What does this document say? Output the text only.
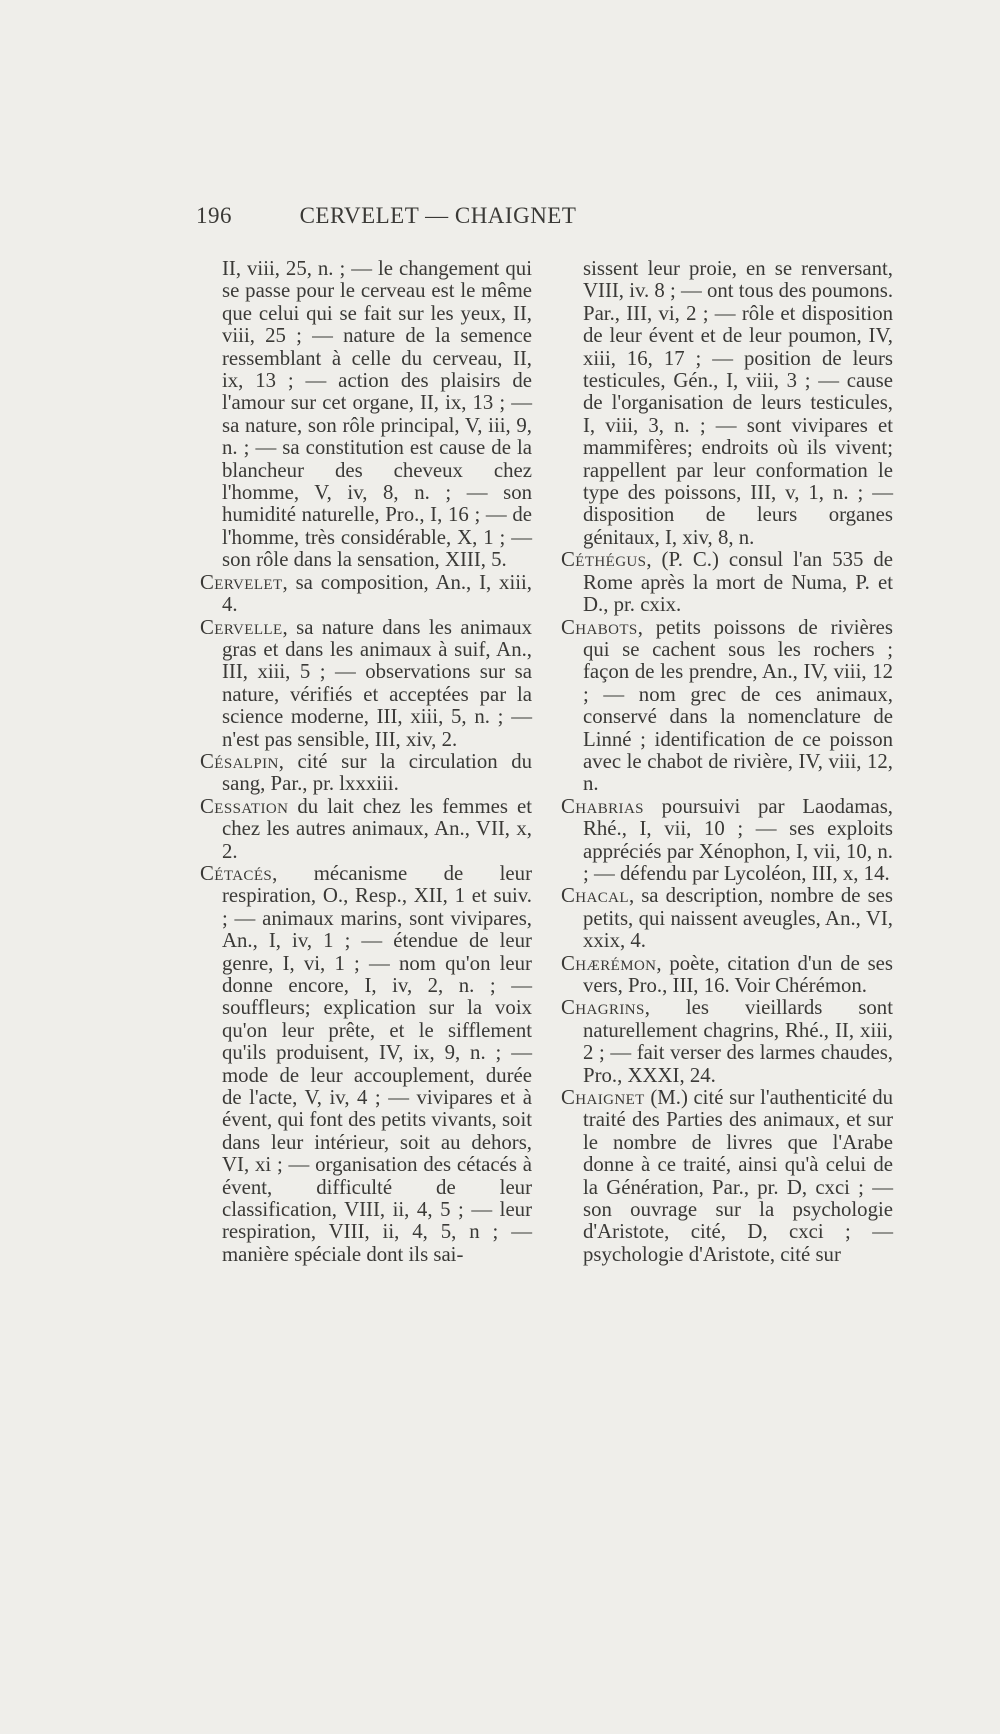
196	CERVELET — CHAIGNET

II, viii, 25, n. ; — le changement qui se passe pour le cerveau est le même que celui qui se fait sur les yeux, II, viii, 25 ; — nature de la semence ressemblant à celle du cerveau, II, ix, 13 ; — action des plaisirs de l'amour sur cet organe, II, ix, 13 ; — sa nature, son rôle principal, V, iii, 9, n. ; — sa constitution est cause de la blancheur des cheveux chez l'homme, V, iv, 8, n. ; — son humidité naturelle, Pro., I, 16 ; — de l'homme, très considérable, X, 1 ; — son rôle dans la sensation, XIII, 5.

Cervelet, sa composition, An., I, xiii, 4.

Cervelle, sa nature dans les animaux gras et dans les animaux à suif, An., III, xiii, 5 ; — observations sur sa nature, vérifiés et acceptées par la science moderne, III, xiii, 5, n. ; — n'est pas sensible, III, xiv, 2.

Césalpin, cité sur la circulation du sang, Par., pr. lxxxiii.

Cessation du lait chez les femmes et chez les autres animaux, An., VII, x, 2.

Cétacés, mécanisme de leur respiration, O., Resp., XII, 1 et suiv. ; — animaux marins, sont vivipares, An., I, iv, 1 ; — étendue de leur genre, I, vi, 1 ; — nom qu'on leur donne encore, I, iv, 2, n. ; — souffleurs; explication sur la voix qu'on leur prête, et le sifflement qu'ils produisent, IV, ix, 9, n. ; — mode de leur accouplement, durée de l'acte, V, iv, 4 ; — vivipares et à évent, qui font des petits vivants, soit dans leur intérieur, soit au dehors, VI, xi ; — organisation des cétacés à évent, difficulté de leur classification, VIII, ii, 4, 5 ; — leur respiration, VIII, ii, 4, 5, n ; — manière spéciale dont ils sai-

sissent leur proie, en se renversant, VIII, iv. 8 ; — ont tous des poumons. Par., III, vi, 2 ; — rôle et disposition de leur évent et de leur poumon, IV, xiii, 16, 17 ; — position de leurs testicules, Gén., I, viii, 3 ; — cause de l'organisation de leurs testicules, I, viii, 3, n. ; — sont vivipares et mammifères; endroits où ils vivent; rappellent par leur conformation le type des poissons, III, v, 1, n. ; — disposition de leurs organes génitaux, I, xiv, 8, n.

Céthégus, (P. C.) consul l'an 535 de Rome après la mort de Numa, P. et D., pr. cxix.

Chabots, petits poissons de rivières qui se cachent sous les rochers ; façon de les prendre, An., IV, viii, 12 ; — nom grec de ces animaux, conservé dans la nomenclature de Linné ; identification de ce poisson avec le chabot de rivière, IV, viii, 12, n.

Chabrias poursuivi par Laodamas, Rhé., I, vii, 10 ; — ses exploits appréciés par Xénophon, I, vii, 10, n. ; — défendu par Lycoléon, III, x, 14.

Chacal, sa description, nombre de ses petits, qui naissent aveugles, An., VI, xxix, 4.

Chærémon, poète, citation d'un de ses vers, Pro., III, 16. Voir Chérémon.

Chagrins, les vieillards sont naturellement chagrins, Rhé., II, xiii, 2 ; — fait verser des larmes chaudes, Pro., XXXI, 24.

Chaignet (M.) cité sur l'authenticité du traité des Parties des animaux, et sur le nombre de livres que l'Arabe donne à ce traité, ainsi qu'à celui de la Génération, Par., pr. D, cxci ; — son ouvrage sur la psychologie d'Aristote, cité, D, cxci ; — psychologie d'Aristote, cité sur
